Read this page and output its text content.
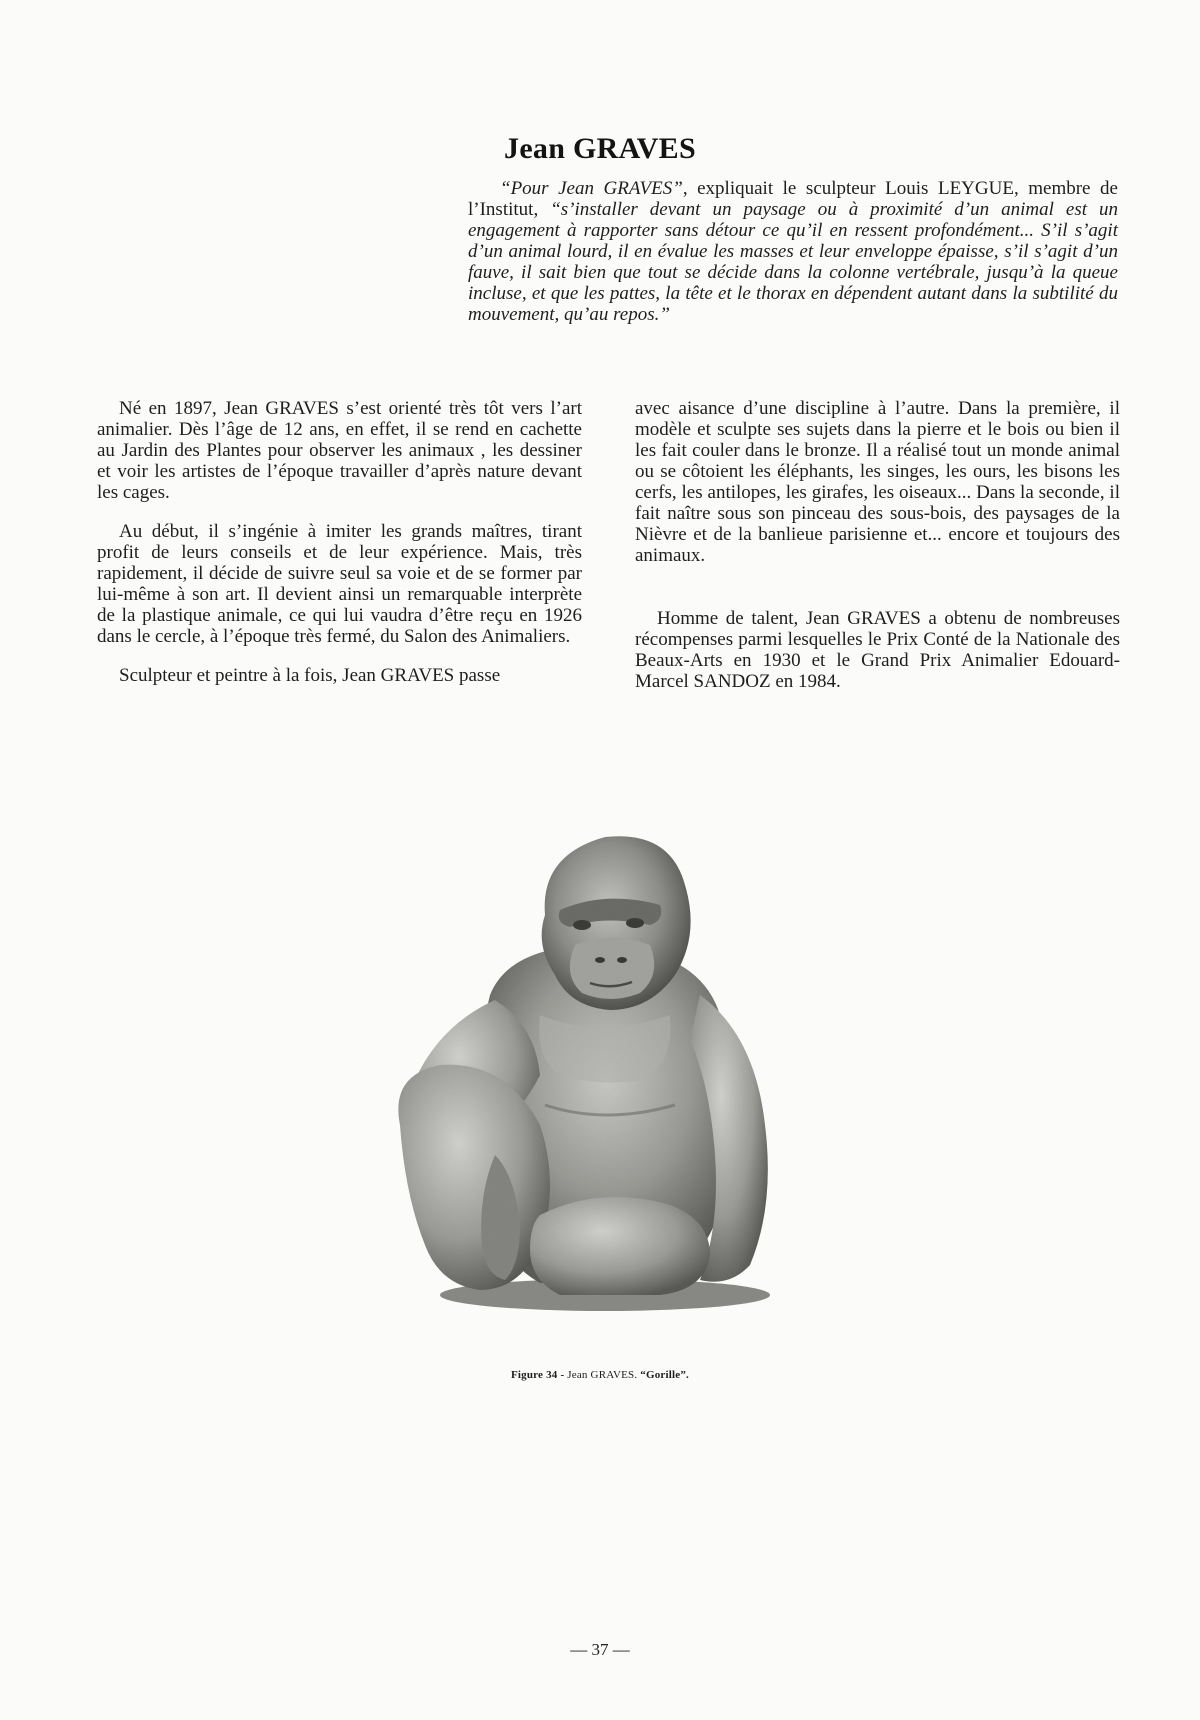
Jean GRAVES

“Pour Jean GRAVES”, expliquait le sculpteur Louis LEYGUE, membre de l’Institut, “s’installer devant un paysage ou à proximité d’un animal est un engagement à rapporter sans détour ce qu’il en ressent profondément... S’il s’agit d’un animal lourd, il en évalue les masses et leur enveloppe épaisse, s’il s’agit d’un fauve, il sait bien que tout se décide dans la colonne vertébrale, jusqu’à la queue incluse, et que les pattes, la tête et le thorax en dépendent autant dans la subtilité du mouvement, qu’au repos.”

Né en 1897, Jean GRAVES s’est orienté très tôt vers l’art animalier. Dès l’âge de 12 ans, en effet, il se rend en cachette au Jardin des Plantes pour observer les animaux , les dessiner et voir les artistes de l’époque travailler d’après nature devant les cages.

Au début, il s’ingénie à imiter les grands maîtres, tirant profit de leurs conseils et de leur expérience. Mais, très rapidement, il décide de suivre seul sa voie et de se former par lui-même à son art. Il devient ainsi un remarquable interprète de la plastique animale, ce qui lui vaudra d’être reçu en 1926 dans le cercle, à l’époque très fermé, du Salon des Animaliers.

Sculpteur et peintre à la fois, Jean GRAVES passe

avec aisance d’une discipline à l’autre. Dans la première, il modèle et sculpte ses sujets dans la pierre et le bois ou bien il les fait couler dans le bronze. Il a réalisé tout un monde animal ou se côtoient les éléphants, les singes, les ours, les bisons les cerfs, les antilopes, les girafes, les oiseaux... Dans la seconde, il fait naître sous son pinceau des sous-bois, des paysages de la Nièvre et de la banlieue parisienne et... encore et toujours des animaux.

Homme de talent, Jean GRAVES a obtenu de nombreuses récompenses parmi lesquelles le Prix Conté de la Nationale des Beaux-Arts en 1930 et le Grand Prix Animalier Edouard-Marcel SANDOZ en 1984.

Figure 34 - Jean GRAVES. “Gorille”.
— 37 —
